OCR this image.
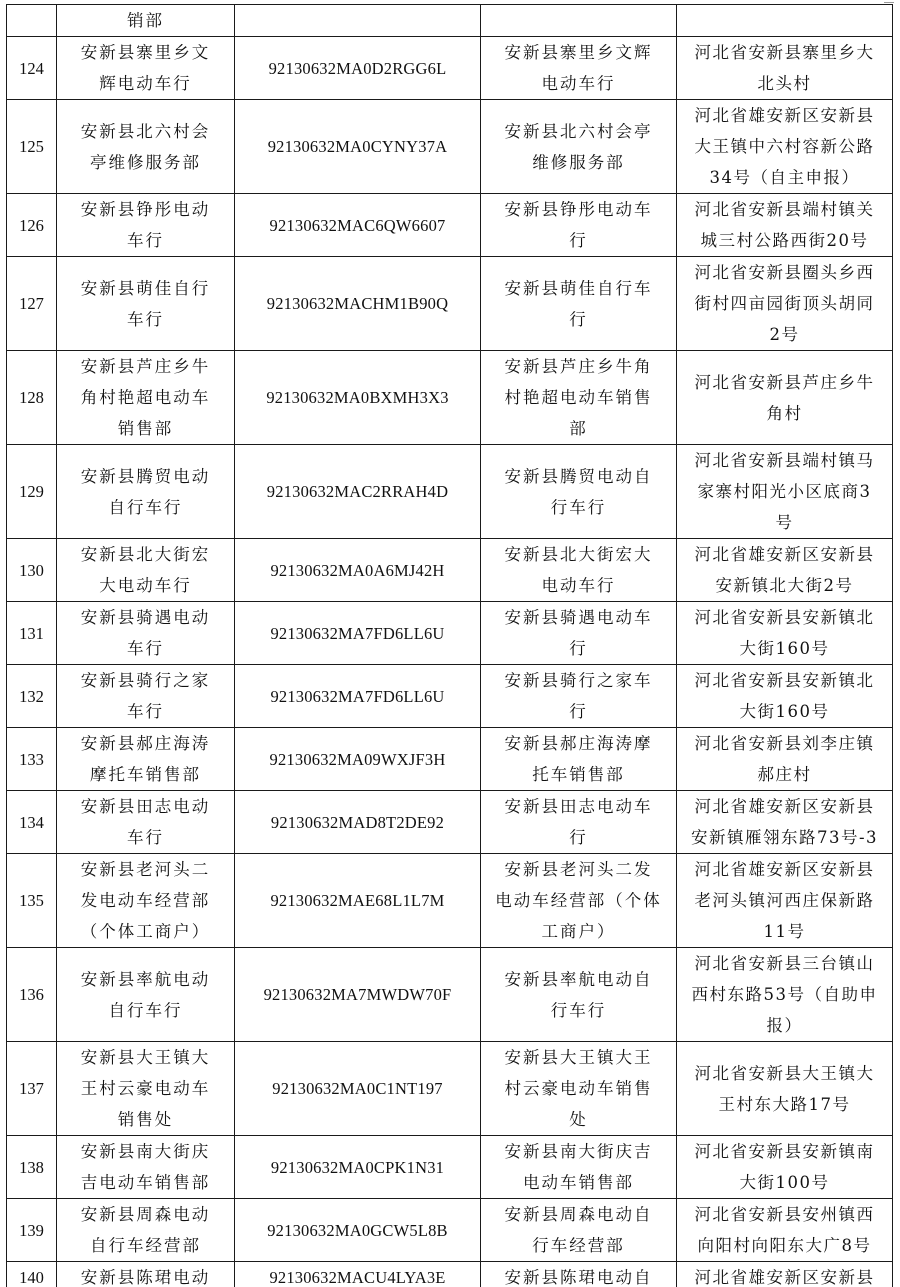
	销部			
124	安新县寨里乡文
辉电动车行	92130632MA0D2RGG6L	安新县寨里乡文辉
电动车行	河北省安新县寨里乡大
北头村
125	安新县北六村会
亭维修服务部	92130632MA0CYNY37A	安新县北六村会亭
维修服务部	河北省雄安新区安新县
大王镇中六村容新公路
34号（自主申报）
126	安新县铮彤电动
车行	92130632MAC6QW6607	安新县铮彤电动车
行	河北省安新县端村镇关
城三村公路西街20号
127	安新县萌佳自行
车行	92130632MACHM1B90Q	安新县萌佳自行车
行	河北省安新县圈头乡西
街村四亩园街顶头胡同
2号
128	安新县芦庄乡牛
角村艳超电动车
销售部	92130632MA0BXMH3X3	安新县芦庄乡牛角
村艳超电动车销售
部	河北省安新县芦庄乡牛
角村
129	安新县腾贸电动
自行车行	92130632MAC2RRAH4D	安新县腾贸电动自
行车行	河北省安新县端村镇马
家寨村阳光小区底商3
号
130	安新县北大街宏
大电动车行	92130632MA0A6MJ42H	安新县北大街宏大
电动车行	河北省雄安新区安新县
安新镇北大街2号
131	安新县骑遇电动
车行	92130632MA7FD6LL6U	安新县骑遇电动车
行	河北省安新县安新镇北
大街160号
132	安新县骑行之家
车行	92130632MA7FD6LL6U	安新县骑行之家车
行	河北省安新县安新镇北
大街160号
133	安新县郝庄海涛
摩托车销售部	92130632MA09WXJF3H	安新县郝庄海涛摩
托车销售部	河北省安新县刘李庄镇
郝庄村
134	安新县田志电动
车行	92130632MAD8T2DE92	安新县田志电动车
行	河北省雄安新区安新县
安新镇雁翎东路73号-3
135	安新县老河头二
发电动车经营部
（个体工商户）	92130632MAE68L1L7M	安新县老河头二发
电动车经营部（个体
工商户）	河北省雄安新区安新县
老河头镇河西庄保新路
11号
136	安新县率航电动
自行车行	92130632MA7MWDW70F	安新县率航电动自
行车行	河北省安新县三台镇山
西村东路53号（自助申
报）
137	安新县大王镇大
王村云豪电动车
销售处	92130632MA0C1NT197	安新县大王镇大王
村云豪电动车销售
处	河北省安新县大王镇大
王村东大路17号
138	安新县南大街庆
吉电动车销售部	92130632MA0CPK1N31	安新县南大街庆吉
电动车销售部	河北省安新县安新镇南
大街100号
139	安新县周森电动
自行车经营部	92130632MA0GCW5L8B	安新县周森电动自
行车经营部	河北省安新县安州镇西
向阳村向阳东大广8号
140	安新县陈珺电动	92130632MACU4LYA3E	安新县陈珺电动自	河北省雄安新区安新县
